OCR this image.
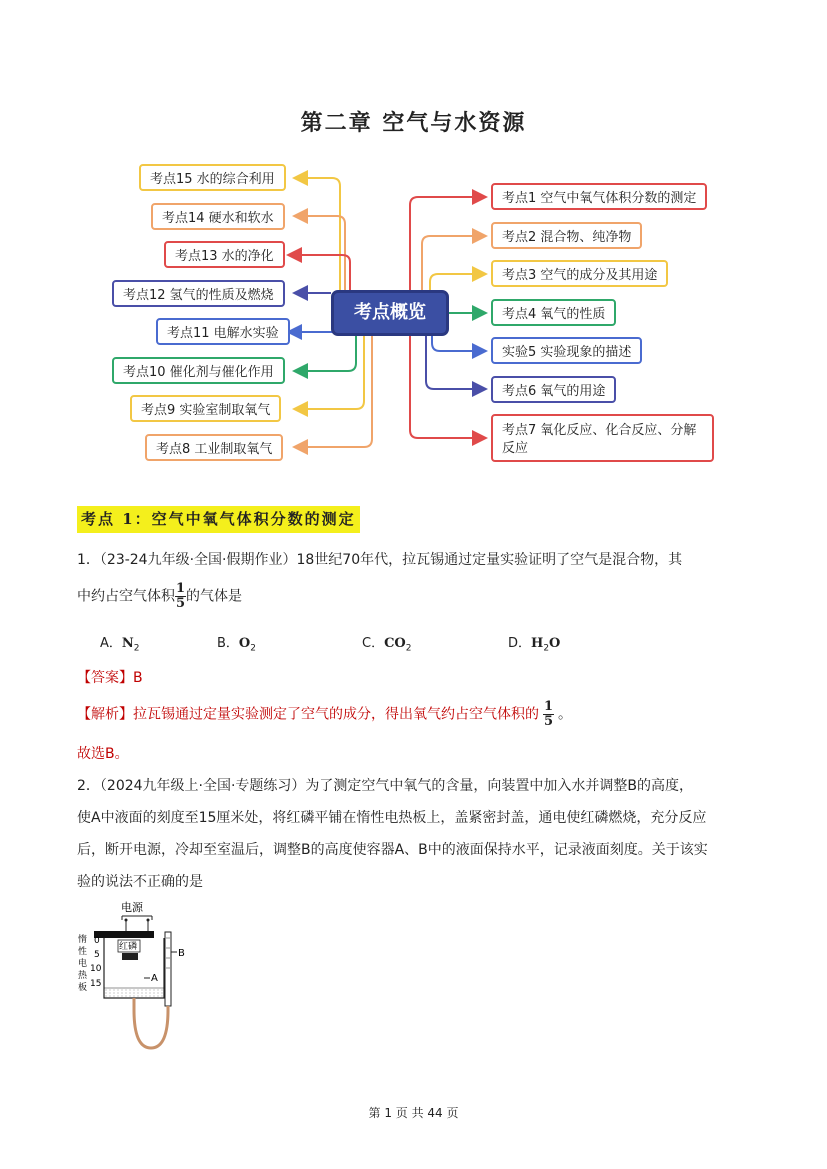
第二章 空气与水资源
考点概览
考点15 水的综合利用
考点14 硬水和软水
考点13 水的净化
考点12 氢气的性质及燃烧
考点11 电解水实验
考点10 催化剂与催化作用
考点9 实验室制取氧气
考点8 工业制取氧气
考点1 空气中氧气体积分数的测定
考点2 混合物、纯净物
考点3 空气的成分及其用途
考点4 氧气的性质
实验5 实验现象的描述
考点6 氧气的用途
考点7 氧化反应、化合反应、分解反应
考点 1：空气中氧气体积分数的测定
1．（23-24九年级·全国·假期作业）18世纪70年代，拉瓦锡通过定量实验证明了空气是混合物，其
中约占空气体积 $\frac{1}{5}$ 的气体是
A．$N_2$	B．$O_2$	C．$CO_2$	D．$H_2O$
【答案】B
【解析】拉瓦锡通过定量实验测定了空气的成分，得出氧气约占空气体积的 $\frac{1}{5}$ 。
故选B。
2．（2024九年级上·全国·专题练习）为了测定空气中氧气的含量，向装置中加入水并调整B的高度，
使A中液面的刻度至15厘米处，将红磷平铺在惰性电热板上，盖紧密封盖，通电使红磷燃烧，充分反应
后，断开电源，冷却至室温后，调整B的高度使容器A、B中的液面保持水平，记录液面刻度。关于该实
验的说法不正确的是
电源
红磷
惰
性
电
热
板
0
5
10
15	A
B
第 1 页 共 44 页
